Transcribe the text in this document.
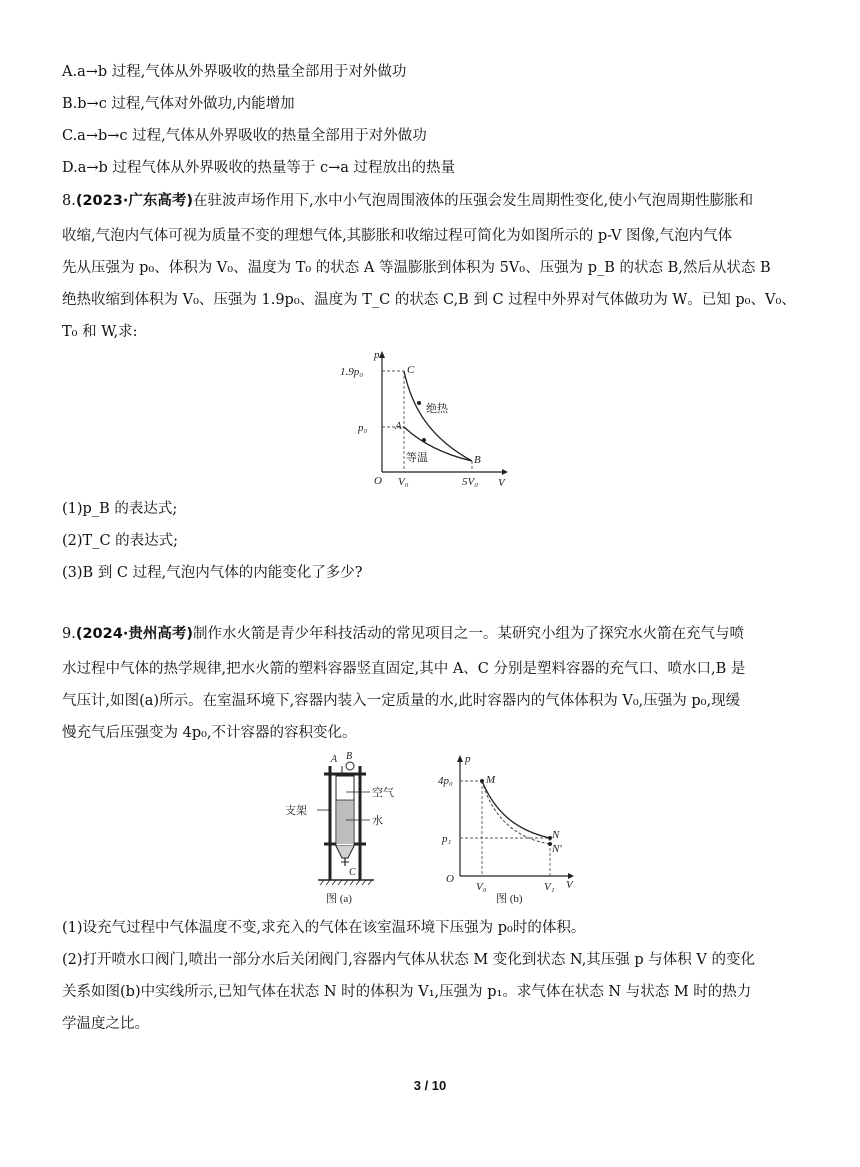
A.a→b 过程,气体从外界吸收的热量全部用于对外做功
B.b→c 过程,气体对外做功,内能增加
C.a→b→c 过程,气体从外界吸收的热量全部用于对外做功
D.a→b 过程气体从外界吸收的热量等于 c→a 过程放出的热量
8.(2023·广东高考)在驻波声场作用下,水中小气泡周围液体的压强会发生周期性变化,使小气泡周期性膨胀和
收缩,气泡内气体可视为质量不变的理想气体,其膨胀和收缩过程可简化为如图所示的 p-V 图像,气泡内气体
先从压强为 p₀、体积为 V₀、温度为 T₀ 的状态 A 等温膨胀到体积为 5V₀、压强为 p_B 的状态 B,然后从状态 B
绝热收缩到体积为 V₀、压强为 1.9p₀、温度为 T_C 的状态 C,B 到 C 过程中外界对气体做功为 W。已知 p₀、V₀、
T₀ 和 W,求:
p
V
O
1.9p₀
p₀
V₀	5V₀
C
A
B
绝热
等温
(1)p_B 的表达式;
(2)T_C 的表达式;
(3)B 到 C 过程,气泡内气体的内能变化了多少?
9.(2024·贵州高考)制作水火箭是青少年科技活动的常见项目之一。某研究小组为了探究水火箭在充气与喷
水过程中气体的热学规律,把水火箭的塑料容器竖直固定,其中 A、C 分别是塑料容器的充气口、喷水口,B 是
气压计,如图(a)所示。在室温环境下,容器内装入一定质量的水,此时容器内的气体体积为 V₀,压强为 p₀,现缓
慢充气后压强变为 4p₀,不计容器的容积变化。
A B
C
支架
空气
水
图 (a)
p
V
O
4p₀
p₁
V₀	V₁
M
N
N′
图 (b)
(1)设充气过程中气体温度不变,求充入的气体在该室温环境下压强为 p₀时的体积。
(2)打开喷水口阀门,喷出一部分水后关闭阀门,容器内气体从状态 M 变化到状态 N,其压强 p 与体积 V 的变化
关系如图(b)中实线所示,已知气体在状态 N 时的体积为 V₁,压强为 p₁。求气体在状态 N 与状态 M 时的热力
学温度之比。
3 / 10
